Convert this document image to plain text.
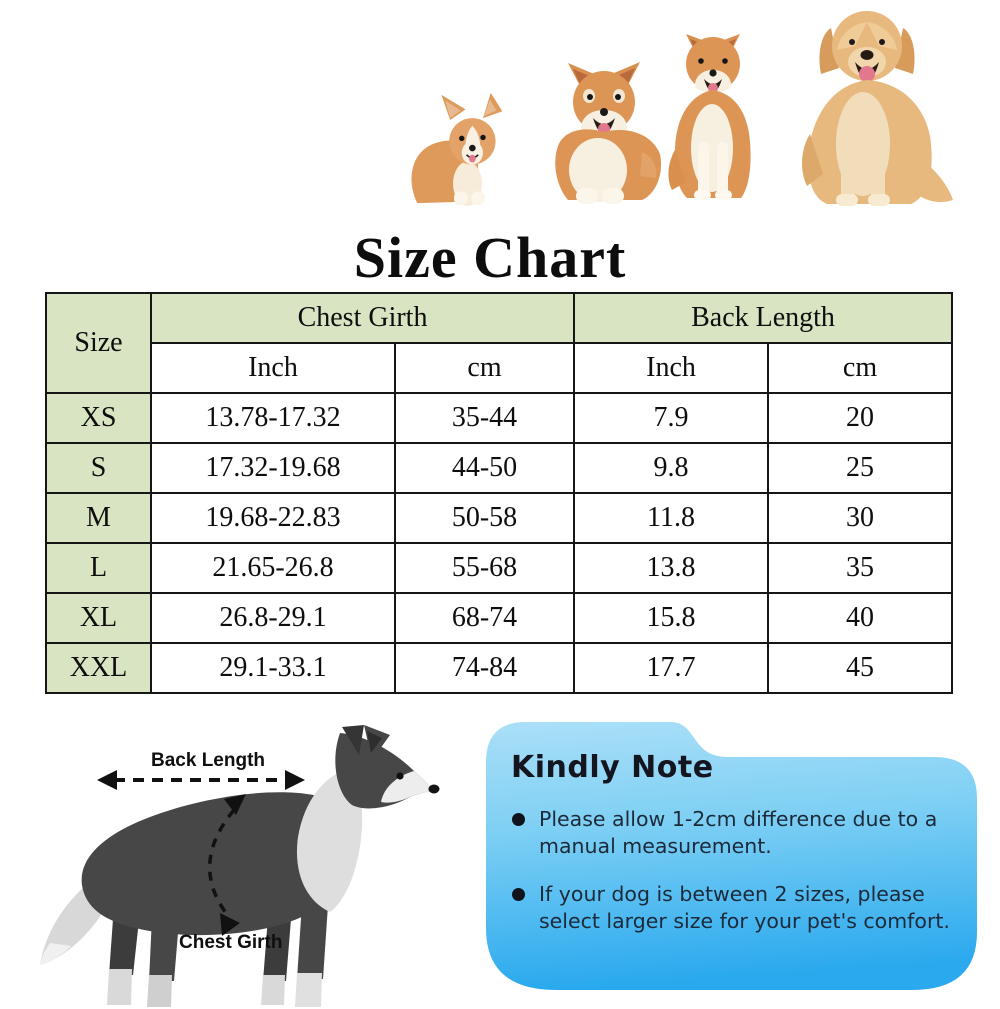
Size Chart
Size	Chest Girth		Back Length	
	Inch	cm	Inch	cm
XS	13.78-17.32	35-44	7.9	20
S	17.32-19.68	44-50	9.8	25
M	19.68-22.83	50-58	11.8	30
L	21.65-26.8	55-68	13.8	35
XL	26.8-29.1	68-74	15.8	40
XXL	29.1-33.1	74-84	17.7	45
Back Length
Chest Girth
Kindly Note
Please allow 1-2cm difference due to a manual measurement.
If your dog is between 2 sizes, please select larger size for your pet's comfort.
